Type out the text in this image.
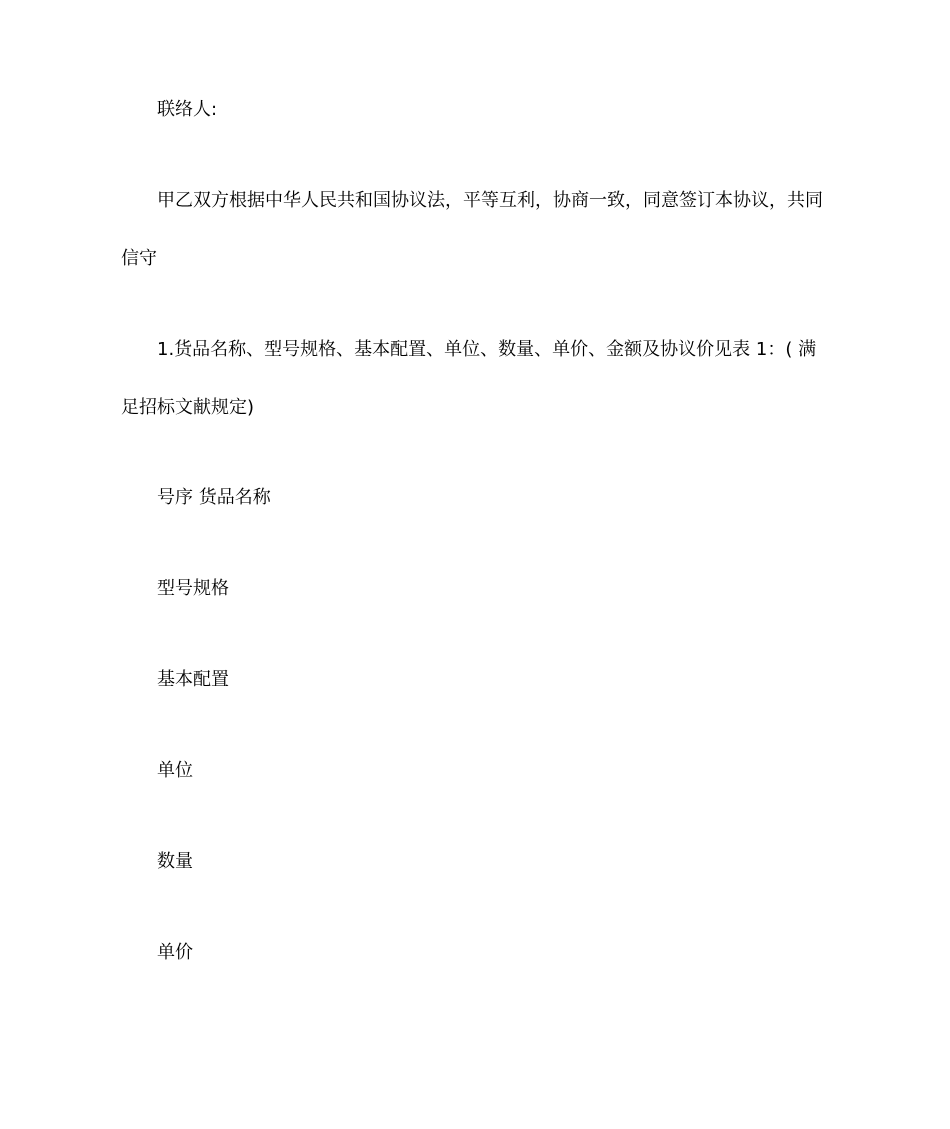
联络人:
甲乙双方根据中华人民共和国协议法，平等互利，协商一致，同意签订本协议，共同
信守
1.货品名称、型号规格、基本配置、单位、数量、单价、金额及协议价见表 1：( 满
足招标文献规定)
号序 货品名称
型号规格
基本配置
单位
数量
单价
